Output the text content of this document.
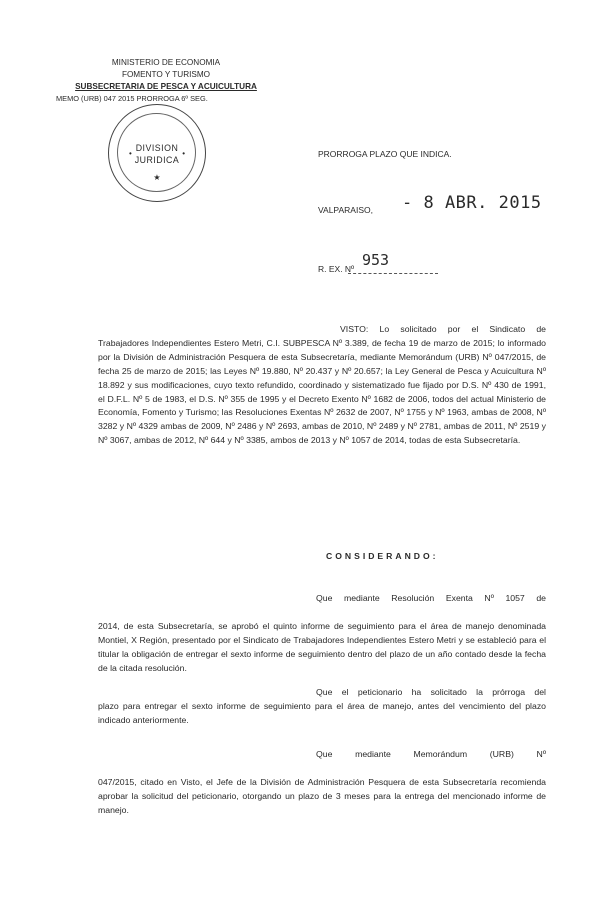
MINISTERIO DE ECONOMIA
FOMENTO Y TURISMO
SUBSECRETARIA DE PESCA Y ACUICULTURA
MEMO (URB) 047 2015 PRORROGA 6º SEG.
•	•
DIVISION
JURIDICA
★
PRORROGA PLAZO QUE INDICA.
VALPARAISO, - 8 ABR. 2015
R. EX. Nº 953
VISTO: Lo solicitado por el Sindicato de Trabajadores Independientes Estero Metri, C.I. SUBPESCA Nº 3.389, de fecha 19 de marzo de 2015; lo informado por la División de Administración Pesquera de esta Subsecretaría, mediante Memorándum (URB) Nº 047/2015, de fecha 25 de marzo de 2015; las Leyes Nº 19.880, Nº 20.437 y Nº 20.657; la Ley General de Pesca y Acuicultura Nº 18.892 y sus modificaciones, cuyo texto refundido, coordinado y sistematizado fue fijado por D.S. Nº 430 de 1991, el D.F.L. Nº 5 de 1983, el D.S. Nº 355 de 1995 y el Decreto Exento Nº 1682 de 2006, todos del actual Ministerio de Economía, Fomento y Turismo; las Resoluciones Exentas Nº 2632 de 2007, Nº 1755 y Nº 1963, ambas de 2008, Nº 3282 y Nº 4329 ambas de 2009, Nº 2486 y Nº 2693, ambas de 2010, Nº 2489 y Nº 2781, ambas de 2011, Nº 2519 y Nº 3067, ambas de 2012, Nº 644 y Nº 3385, ambos de 2013 y Nº 1057 de 2014, todas de esta Subsecretaría.
CONSIDERANDO:
Que mediante Resolución Exenta Nº 1057 de
2014, de esta Subsecretaría, se aprobó el quinto informe de seguimiento para el área de manejo denominada Montiel, X Región, presentado por el Sindicato de Trabajadores Independientes Estero Metri y se estableció para el titular la obligación de entregar el sexto informe de seguimiento dentro del plazo de un año contado desde la fecha de la citada resolución.
Que el peticionario ha solicitado la prórroga del
plazo para entregar el sexto informe de seguimiento para el área de manejo, antes del vencimiento del plazo indicado anteriormente.
Que mediante Memorándum (URB) Nº
047/2015, citado en Visto, el Jefe de la División de Administración Pesquera de esta Subsecretaría recomienda aprobar la solicitud del peticionario, otorgando un plazo de 3 meses para la entrega del mencionado informe de manejo.
